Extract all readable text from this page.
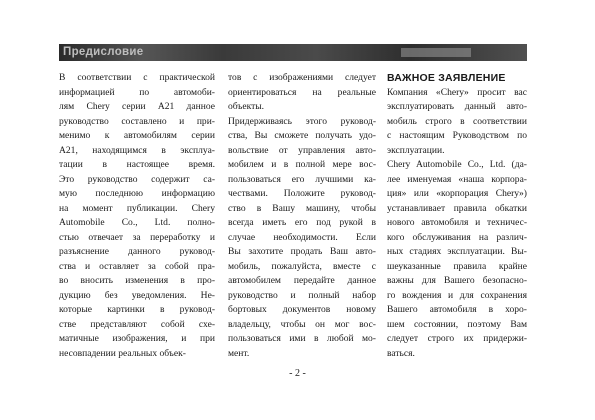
Предисловие

В соответствии с практической
информацией по автомоби-
лям Chery серии A21 данное
руководство составлено и при-
менимо к автомобилям серии
A21, находящимся в эксплуа-
тации в настоящее время.
Это руководство содержит са-
мую последнюю информацию
на момент публикации. Chery
Automobile Co., Ltd. полно-
стью отвечает за переработку и
разъяснение данного руковод-
ства и оставляет за собой пра-
во вносить изменения в про-
дукцию без уведомления. Не-
которые картинки в руковод-
стве представляют собой схе-
матичные изображения, и при
несовпадении реальных объек-

тов с изображениями следует
ориентироваться на реальные
объекты.

Придерживаясь этого руковод-
ства, Вы сможете получать удо-
вольствие от управления авто-
мобилем и в полной мере вос-
пользоваться его лучшими ка-
чествами. Положите руковод-
ство в Вашу машину, чтобы
всегда иметь его под рукой в
случае необходимости. Если
Вы захотите продать Ваш авто-
мобиль, пожалуйста, вместе с
автомобилем передайте данное
руководство и полный набор
бортовых документов новому
владельцу, чтобы он мог вос-
пользоваться ими в любой мо-
мент.

ВАЖНОЕ ЗАЯВЛЕНИЕ

Компания «Chery» просит вас
эксплуатировать данный авто-
мобиль строго в соответствии
с настоящим Руководством по
эксплуатации.

Chery Automobile Co., Ltd. (да-
лее именуемая «наша корпора-
ция» или «корпорация Chery»)
устанавливает правила обкатки
нового автомобиля и техничес-
кого обслуживания на различ-
ных стадиях эксплуатации. Вы-
шеуказанные правила крайне
важны для Вашего безопасно-
го вождения и для сохранения
Вашего автомобиля в хоро-
шем состоянии, поэтому Вам
следует строго их придержи-
ваться.

- 2 -
